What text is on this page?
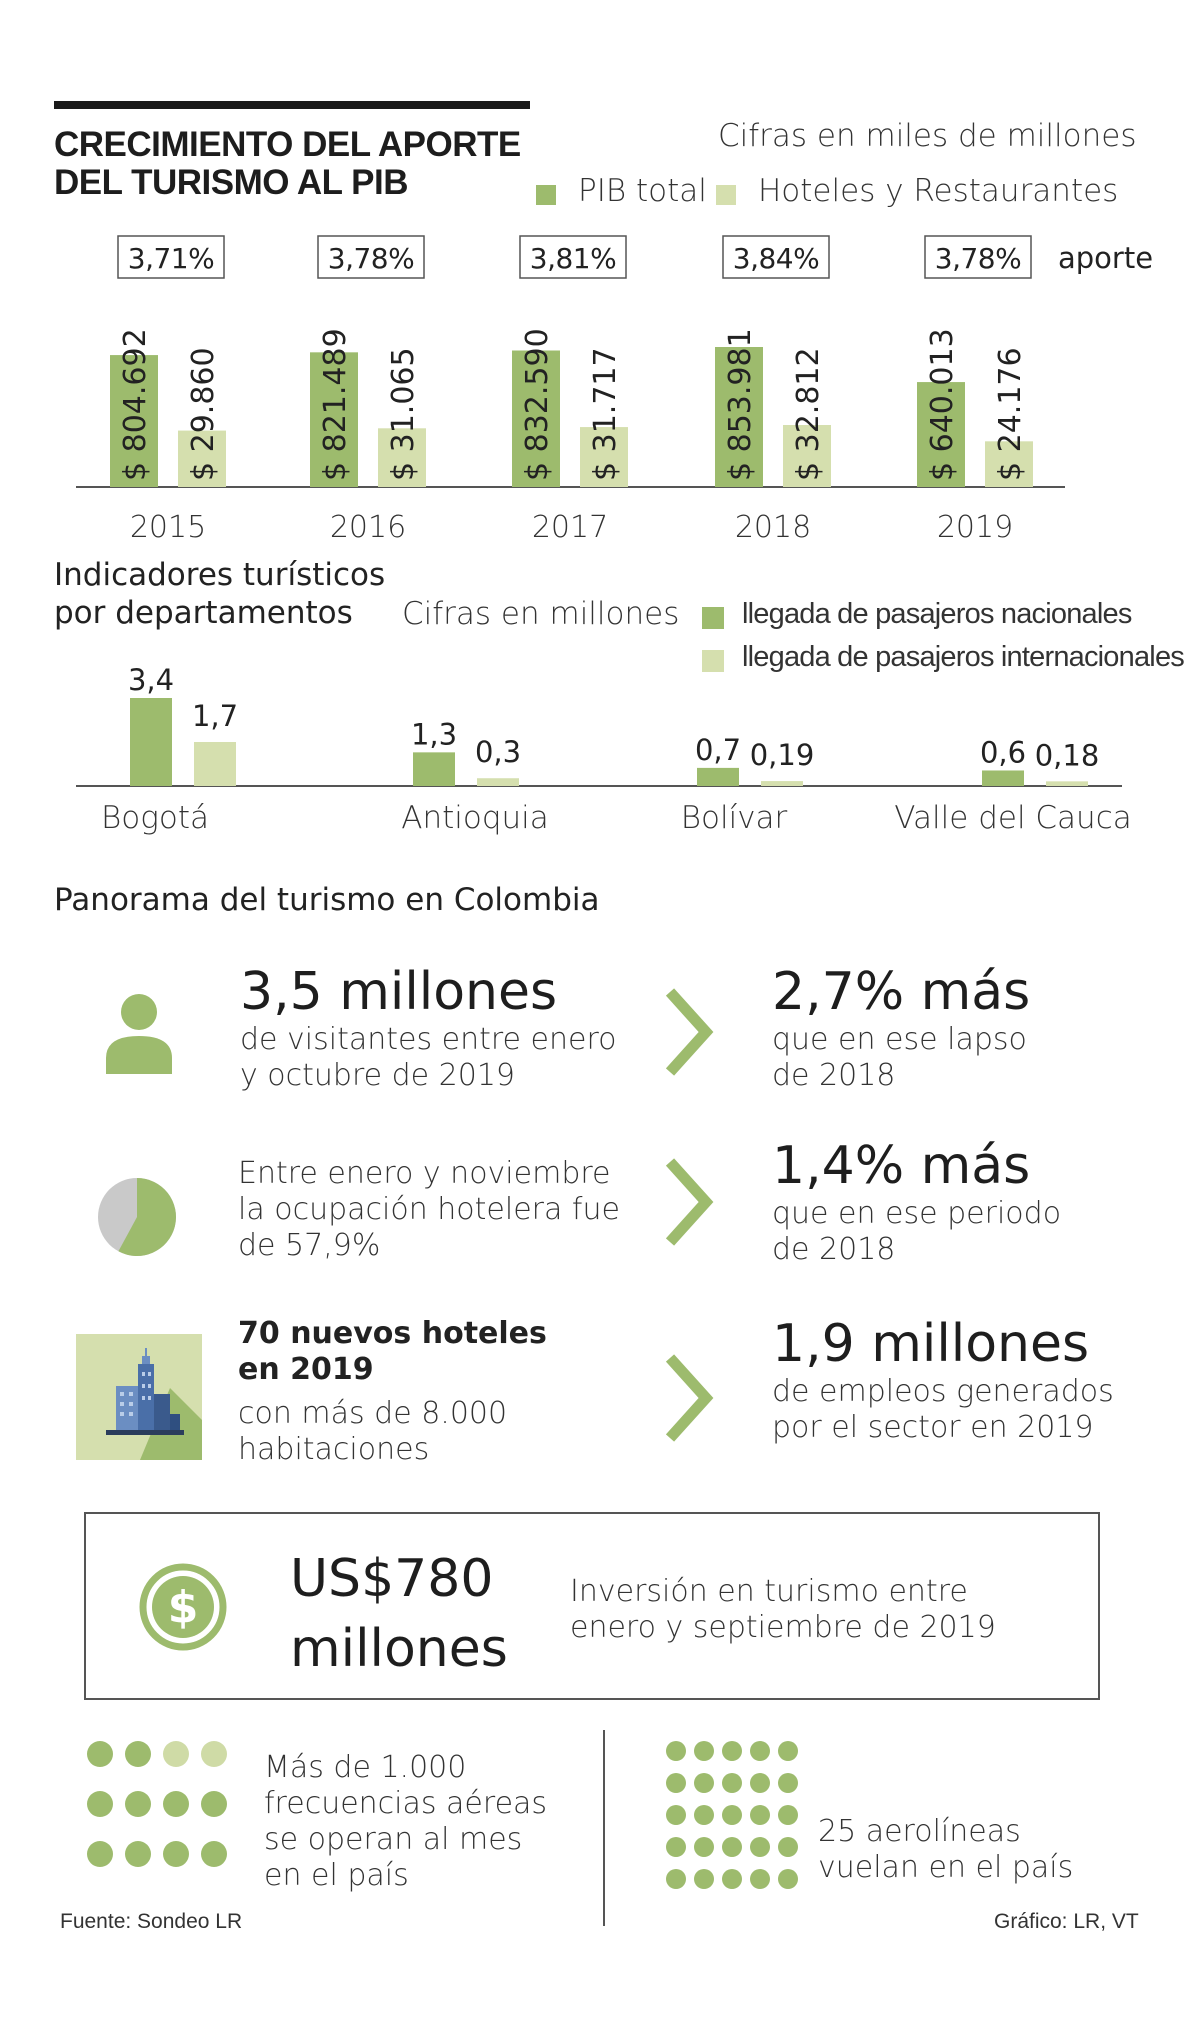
CRECIMIENTO DEL APORTE
DEL TURISMO AL PIB
Cifras en miles de millones
PIB total Hoteles y Restaurantes
$ 804.692 $ 29.860
2015
3,71%
$ 821.489 $ 31.065
2016
3,78%
$ 832.590 $ 31.717
2017
3,81%
$ 853.981 $ 32.812
2018
3,84%
$ 640.013 $ 24.176
2019
3,78% aporte
Indicadores turísticos
por departamentos	Cifras en millones llegada de pasajeros nacionales
llegada de pasajeros internacionales
3,4
1,7
Bogotá
1,3
0,3
Antioquia
0,7 0,19
Bolívar
0,6 0,18
Valle del Cauca
Panorama del turismo en Colombia
3,5 millones
de visitantes entre enero
y octubre de 2019
2,7% más
que en ese lapso
de 2018
Entre enero y noviembre
la ocupación hotelera fue
de 57,9%
1,4% más
que en ese periodo
de 2018
70 nuevos hoteles
en 2019
con más de 8.000
habitaciones
1,9 millones
de empleos generados
por el sector en 2019
$ US$780
millones
Inversión en turismo entre
enero y septiembre de 2019
Más de 1.000
frecuencias aéreas
se operan al mes
en el país
25 aerolíneas
vuelan en el país
Fuente: Sondeo LR	Gráfico: LR, VT
